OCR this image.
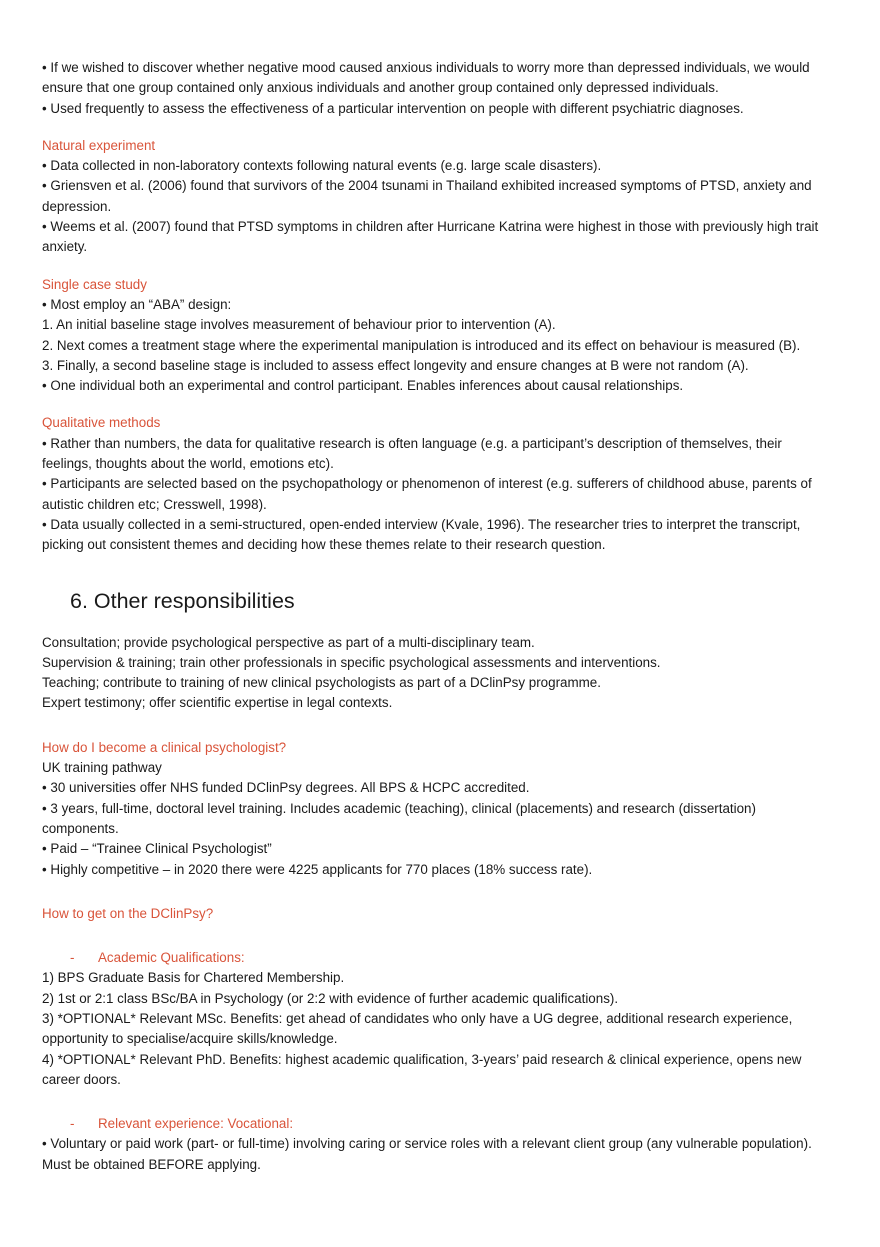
• If we wished to discover whether negative mood caused anxious individuals to worry more than depressed individuals, we would ensure that one group contained only anxious individuals and another group contained only depressed individuals.

• Used frequently to assess the effectiveness of a particular intervention on people with different psychiatric diagnoses.

Natural experiment

• Data collected in non-laboratory contexts following natural events (e.g. large scale disasters).

• Griensven et al. (2006) found that survivors of the 2004 tsunami in Thailand exhibited increased symptoms of PTSD, anxiety and depression.

• Weems et al. (2007) found that PTSD symptoms in children after Hurricane Katrina were highest in those with previously high trait anxiety.

Single case study

• Most employ an “ABA” design:

1. An initial baseline stage involves measurement of behaviour prior to intervention (A).

2. Next comes a treatment stage where the experimental manipulation is introduced and its effect on behaviour is measured (B).

3. Finally, a second baseline stage is included to assess effect longevity and ensure changes at B were not random (A).

• One individual both an experimental and control participant. Enables inferences about causal relationships.

Qualitative methods

• Rather than numbers, the data for qualitative research is often language (e.g. a participant’s description of themselves, their feelings, thoughts about the world, emotions etc).

• Participants are selected based on the psychopathology or phenomenon of interest (e.g. sufferers of childhood abuse, parents of autistic children etc; Cresswell, 1998).

• Data usually collected in a semi-structured, open-ended interview (Kvale, 1996). The researcher tries to interpret the transcript, picking out consistent themes and deciding how these themes relate to their research question.

6. Other responsibilities

Consultation; provide psychological perspective as part of a multi-disciplinary team.

Supervision & training; train other professionals in specific psychological assessments and interventions.

Teaching; contribute to training of new clinical psychologists as part of a DClinPsy programme.

Expert testimony; offer scientific expertise in legal contexts.

How do I become a clinical psychologist?

UK training pathway

• 30 universities offer NHS funded DClinPsy degrees. All BPS & HCPC accredited.

• 3 years, full-time, doctoral level training. Includes academic (teaching), clinical (placements) and research (dissertation) components.

• Paid – “Trainee Clinical Psychologist”

• Highly competitive – in 2020 there were 4225 applicants for 770 places (18% success rate).

How to get on the DClinPsy?

- Academic Qualifications:

1) BPS Graduate Basis for Chartered Membership.

2) 1st or 2:1 class BSc/BA in Psychology (or 2:2 with evidence of further academic qualifications).

3) *OPTIONAL* Relevant MSc. Benefits: get ahead of candidates who only have a UG degree, additional research experience, opportunity to specialise/acquire skills/knowledge.

4) *OPTIONAL* Relevant PhD. Benefits: highest academic qualification, 3-years’ paid research & clinical experience, opens new career doors.

- Relevant experience: Vocational:

• Voluntary or paid work (part- or full-time) involving caring or service roles with a relevant client group (any vulnerable population). Must be obtained BEFORE applying.
